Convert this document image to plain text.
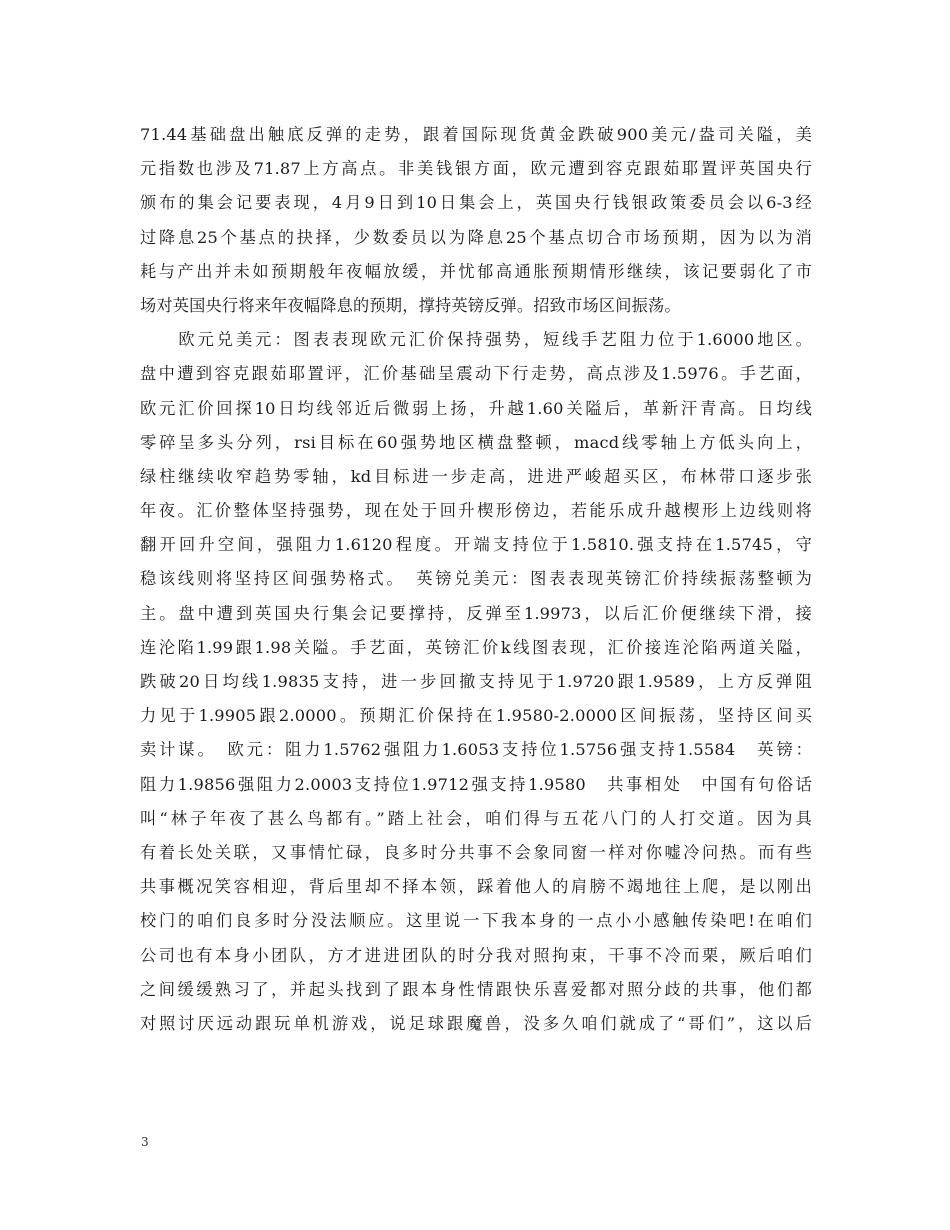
71.44基础盘出触底反弹的走势，跟着国际现货黄金跌破900美元/盎司关隘，美
元指数也涉及71.87上方高点。非美钱银方面，欧元遭到容克跟茹耶置评英国央行
颁布的集会记要表现，4月9日到10日集会上，英国央行钱银政策委员会以6-3经
过降息25个基点的抉择，少数委员以为降息25个基点切合市场预期，因为以为消
耗与产出并未如预期般年夜幅放缓，并忧郁高通胀预期情形继续，该记要弱化了市
场对英国央行将来年夜幅降息的预期，撑持英镑反弹。招致市场区间振荡。
　　欧元兑美元：图表表现欧元汇价保持强势，短线手艺阻力位于1.6000地区。
盘中遭到容克跟茹耶置评，汇价基础呈震动下行走势，高点涉及1.5976。手艺面，
欧元汇价回探10日均线邻近后微弱上扬，升越1.60关隘后，革新汗青高。日均线
零碎呈多头分列，rsi目标在60强势地区横盘整顿，macd线零轴上方低头向上，
绿柱继续收窄趋势零轴，kd目标进一步走高，进进严峻超买区，布林带口逐步张
年夜。汇价整体坚持强势，现在处于回升楔形傍边，若能乐成升越楔形上边线则将
翻开回升空间，强阻力1.6120程度。开端支持位于1.5810.强支持在1.5745，守
稳该线则将坚持区间强势格式。　英镑兑美元：图表表现英镑汇价持续振荡整顿为
主。盘中遭到英国央行集会记要撑持，反弹至1.9973，以后汇价便继续下滑，接
连沦陷1.99跟1.98关隘。手艺面，英镑汇价k线图表现，汇价接连沦陷两道关隘，
跌破20日均线1.9835支持，进一步回撤支持见于1.9720跟1.9589，上方反弹阻
力见于1.9905跟2.0000。预期汇价保持在1.9580-2.0000区间振荡，坚持区间买
卖计谋。　欧元：阻力1.5762强阻力1.6053支持位1.5756强支持1.5584　英镑：
阻力1.9856强阻力2.0003支持位1.9712强支持1.9580　共事相处　中国有句俗话
叫“林子年夜了甚么鸟都有。”踏上社会，咱们得与五花八门的人打交道。因为具
有着长处关联，又事情忙碌，良多时分共事不会象同窗一样对你嘘冷问热。而有些
共事概况笑容相迎，背后里却不择本领，踩着他人的肩膀不竭地往上爬，是以刚出
校门的咱们良多时分没法顺应。这里说一下我本身的一点小小感触传染吧!在咱们
公司也有本身小团队，方才进进团队的时分我对照拘束，干事不冷而栗，厥后咱们
之间缓缓熟习了，并起头找到了跟本身性情跟快乐喜爱都对照分歧的共事，他们都
对照讨厌远动跟玩单机游戏，说足球跟魔兽，没多久咱们就成了“哥们”，这以后
3
